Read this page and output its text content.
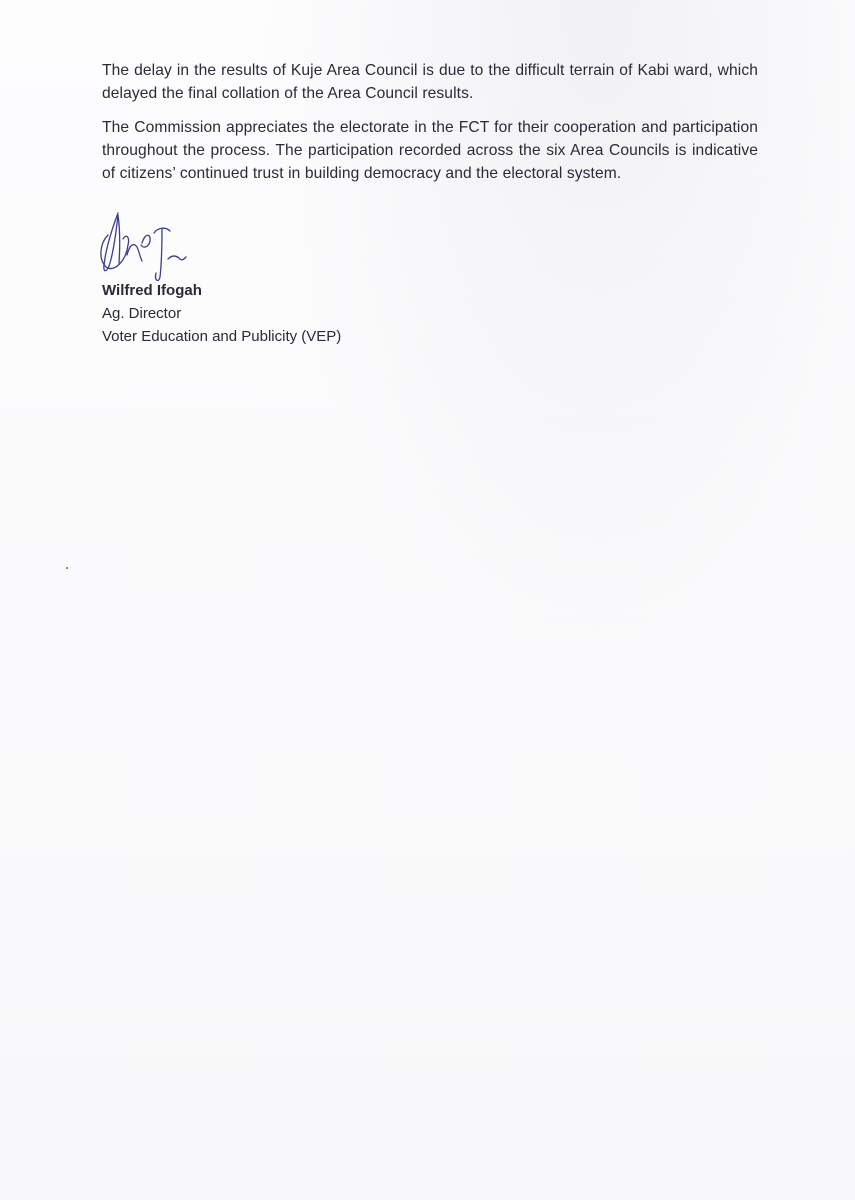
The delay in the results of Kuje Area Council is due to the difficult terrain of Kabi ward, which delayed the final collation of the Area Council results.

The Commission appreciates the electorate in the FCT for their cooperation and participation throughout the process. The participation recorded across the six Area Councils is indicative of citizens’ continued trust in building democracy and the electoral system.

Wilfred Ifogah
Ag. Director
Voter Education and Publicity (VEP)
